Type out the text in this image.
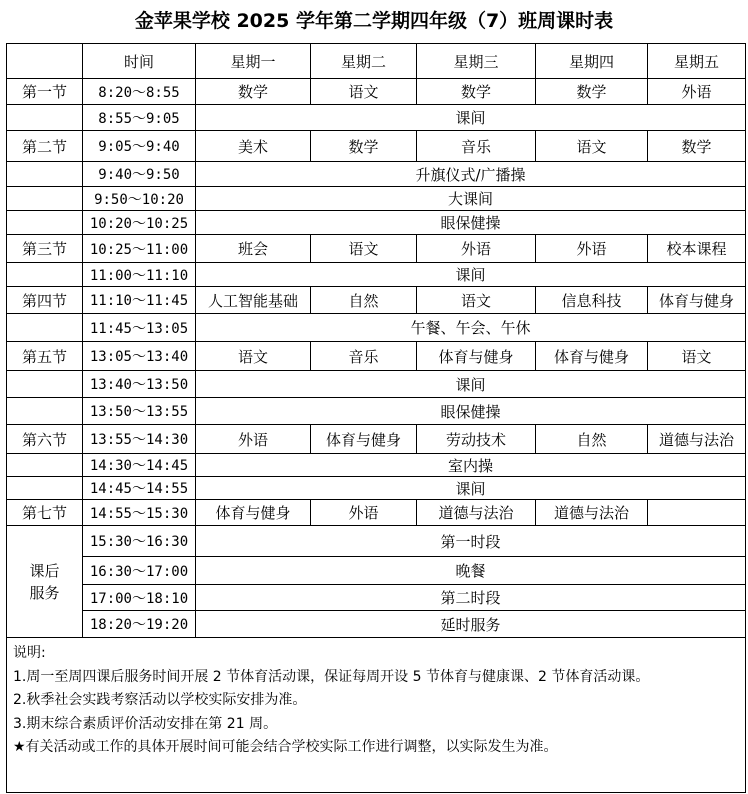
金苹果学校 2025 学年第二学期四年级（7）班周课时表
	时间	星期一	星期二	星期三	星期四	星期五
第一节	8:20～8:55	数学	语文	数学	数学	外语
	8:55～9:05	课间				
第二节	9:05～9:40	美术	数学	音乐	语文	数学
	9:40～9:50	升旗仪式/广播操				
	9:50～10:20	大课间				
	10:20～10:25	眼保健操				
第三节	10:25～11:00	班会	语文	外语	外语	校本课程
	11:00～11:10	课间				
第四节	11:10～11:45	人工智能基础	自然	语文	信息科技	体育与健身
	11:45～13:05	午餐、午会、午休				
第五节	13:05～13:40	语文	音乐	体育与健身	体育与健身	语文
	13:40～13:50	课间				
	13:50～13:55	眼保健操				
第六节	13:55～14:30	外语	体育与健身	劳动技术	自然	道德与法治
	14:30～14:45	室内操				
	14:45～14:55	课间				
第七节	14:55～15:30	体育与健身	外语	道德与法治	道德与法治	

课后
服务	15:30～16:30	第一时段				
	16:30～17:00	晚餐				
	17:00～18:10	第二时段				
	18:20～19:20	延时服务				

说明:
1.周一至周四课后服务时间开展 2 节体育活动课，保证每周开设 5 节体育与健康课、2 节体育活动课。
2.秋季社会实践考察活动以学校实际安排为准。
3.期末综合素质评价活动安排在第 21 周。
★有关活动或工作的具体开展时间可能会结合学校实际工作进行调整，以实际发生为准。						
